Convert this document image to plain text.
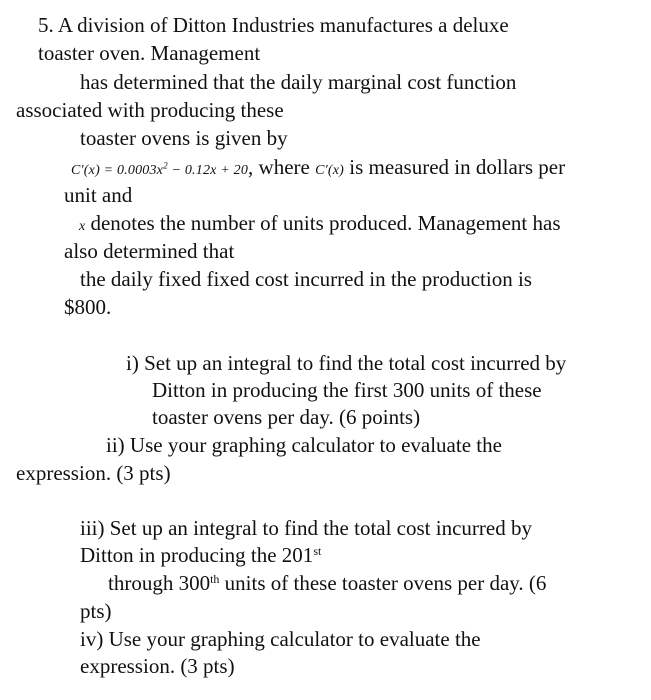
5. A division of Ditton Industries manufactures a deluxe
toaster oven. Management
has determined that the daily marginal cost function
associated with producing these
toaster ovens is given by
$C'(x) = 0.0003x^2 - 0.12x + 20$, where C′(x) is measured in dollars per
unit and
x denotes the number of units produced. Management has
also determined that
the daily fixed fixed cost incurred in the production is
$800.
i) Set up an integral to find the total cost incurred by
Ditton in producing the first 300 units of these
toaster ovens per day. (6 points)
ii) Use your graphing calculator to evaluate the
expression. (3 pts)
iii) Set up an integral to find the total cost incurred by
Ditton in producing the 201st
through 300th units of these toaster ovens per day. (6
pts)
iv) Use your graphing calculator to evaluate the
expression. (3 pts)
